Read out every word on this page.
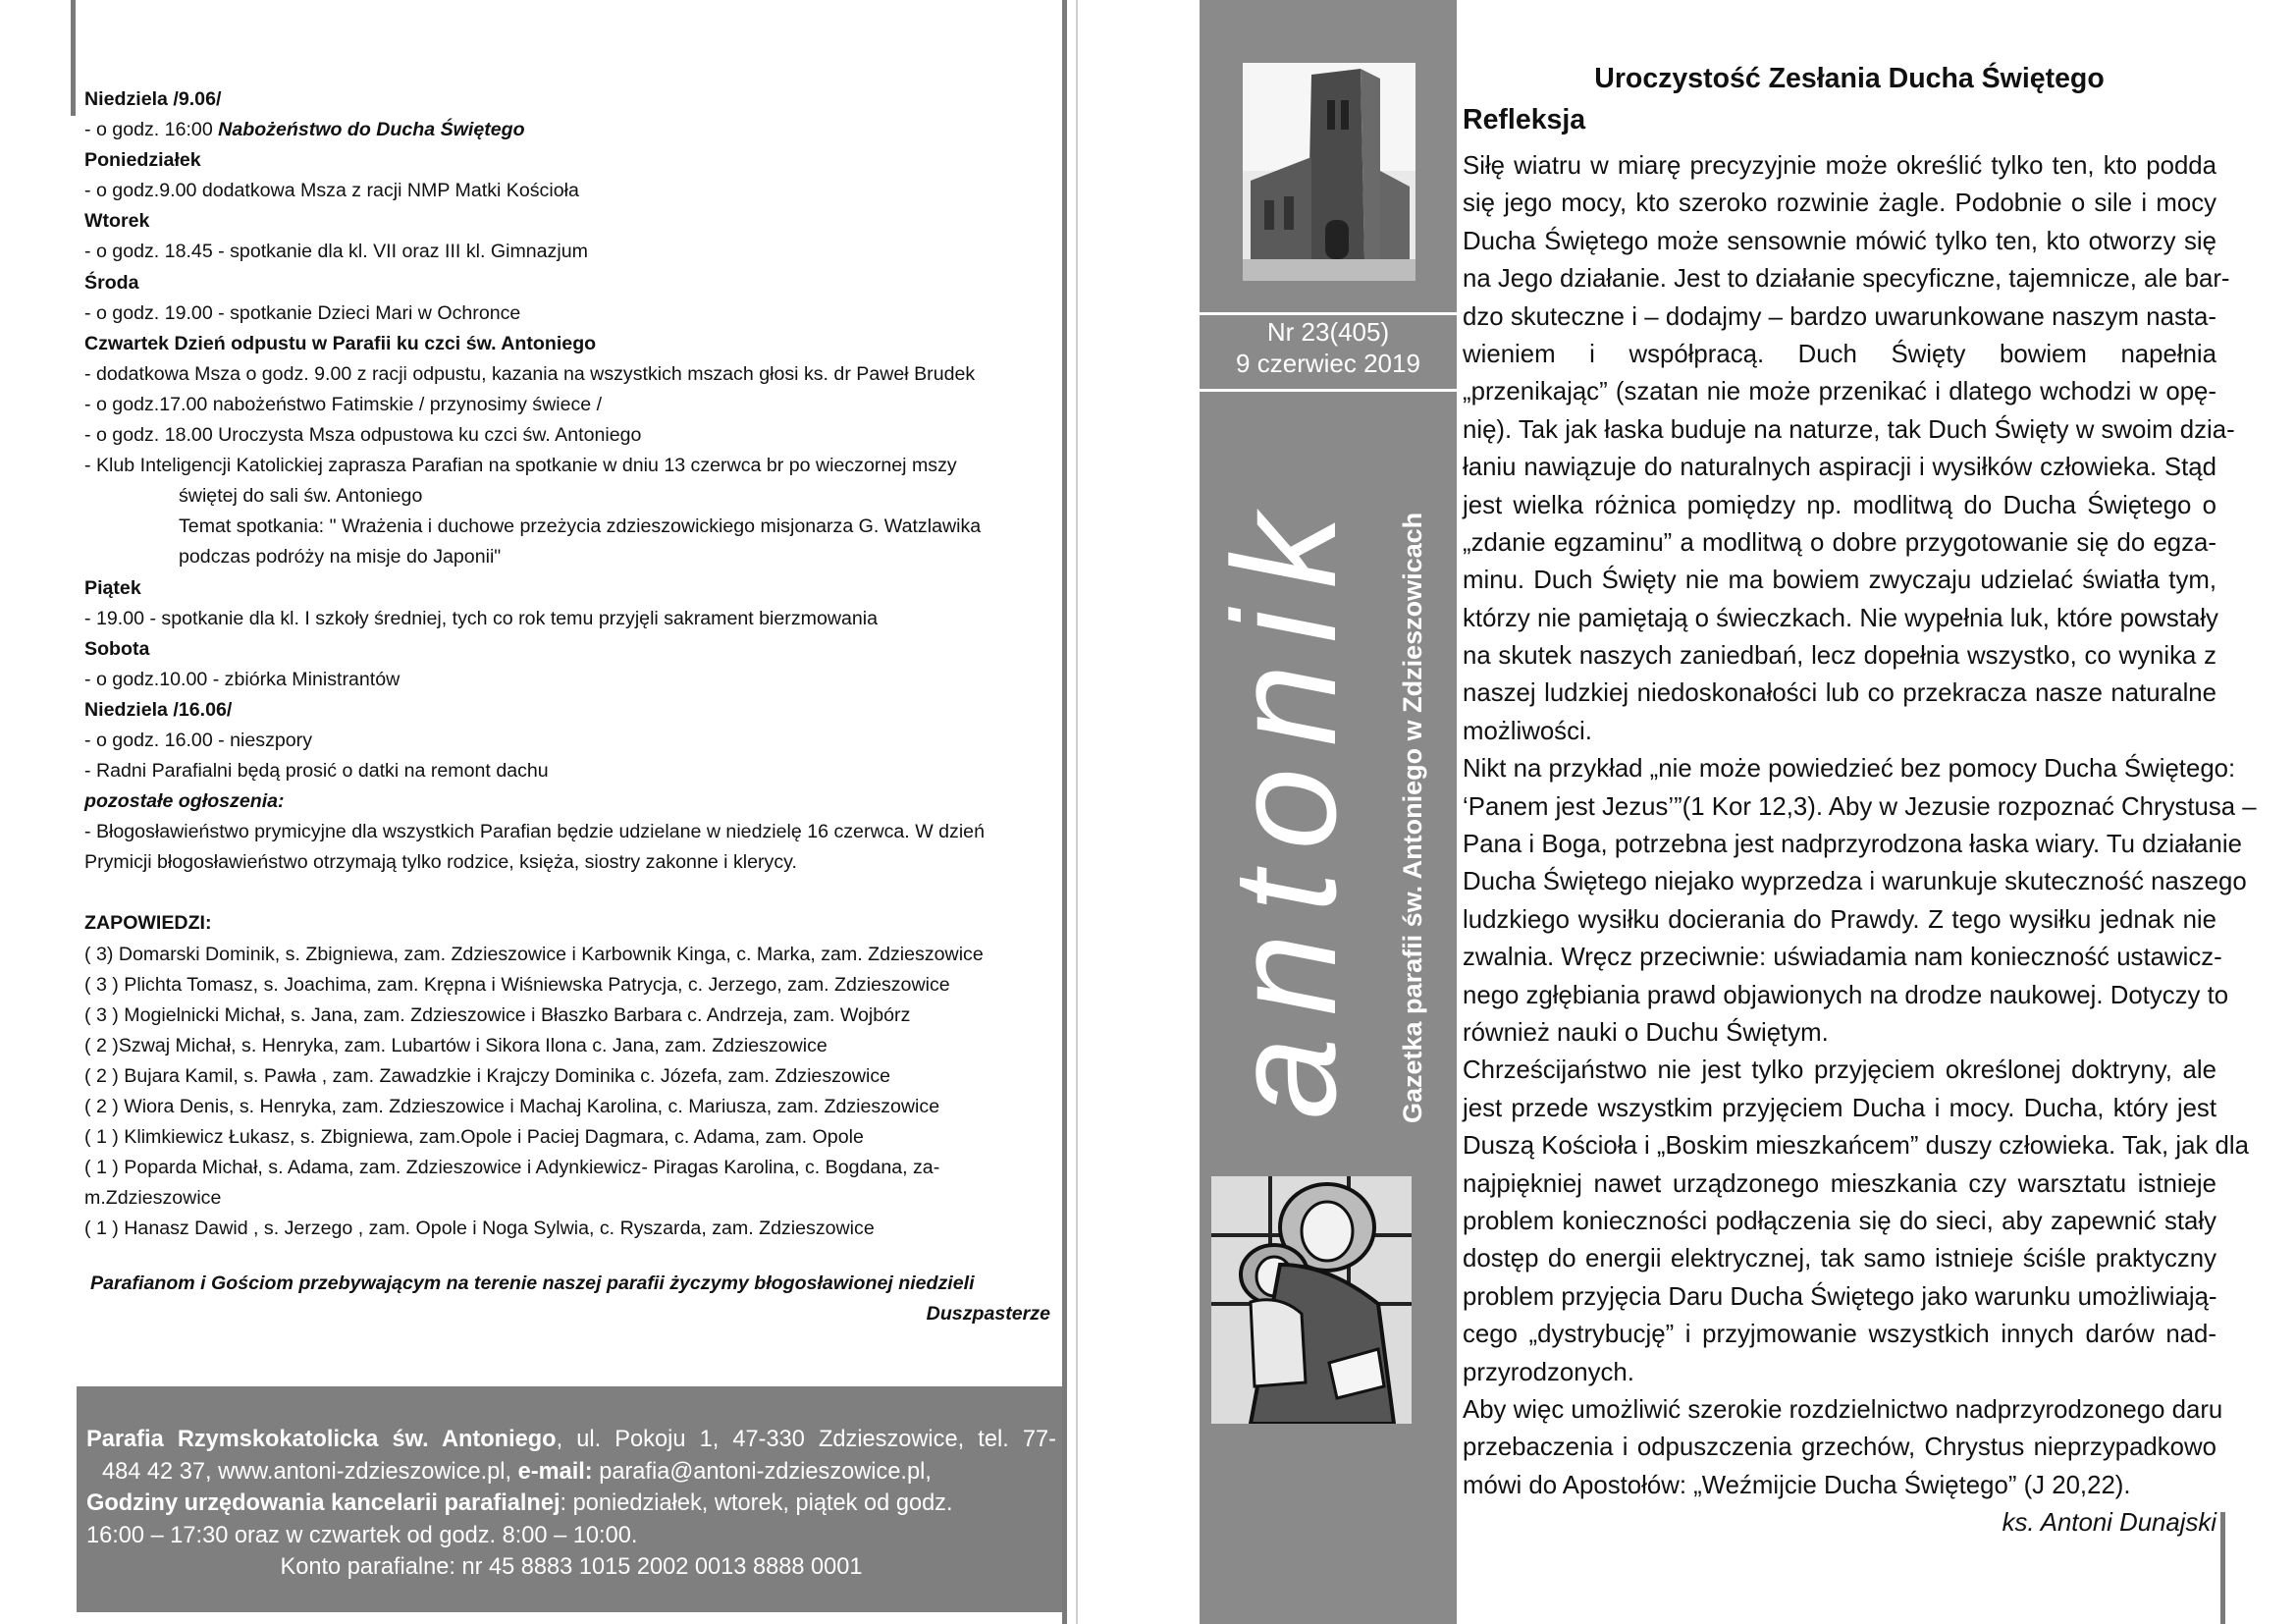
Niedziela /9.06/
- o godz. 16:00 Nabożeństwo do Ducha Świętego
Poniedziałek
- o godz.9.00 dodatkowa Msza z racji NMP Matki Kościoła
Wtorek
- o godz. 18.45 - spotkanie dla kl. VII oraz III kl. Gimnazjum
Środa
- o godz. 19.00 - spotkanie Dzieci Mari w Ochronce
Czwartek Dzień odpustu w Parafii ku czci św. Antoniego
- dodatkowa Msza o godz. 9.00 z racji odpustu, kazania na wszystkich mszach głosi ks. dr Paweł Brudek
- o godz.17.00 nabożeństwo Fatimskie / przynosimy świece /
- o godz. 18.00 Uroczysta Msza odpustowa ku czci św. Antoniego
- Klub Inteligencji Katolickiej zaprasza Parafian na spotkanie w dniu 13 czerwca br po wieczornej mszy
świętej do sali św. Antoniego
Temat spotkania: " Wrażenia i duchowe przeżycia zdzieszowickiego misjonarza G. Watzlawika
podczas podróży na misje do Japonii"
Piątek
- 19.00 - spotkanie dla kl. I szkoły średniej, tych co rok temu przyjęli sakrament bierzmowania
Sobota
- o godz.10.00 - zbiórka Ministrantów
Niedziela /16.06/
- o godz. 16.00 - nieszpory
- Radni Parafialni będą prosić o datki na remont dachu
pozostałe ogłoszenia:
- Błogosławieństwo prymicyjne dla wszystkich Parafian będzie udzielane w niedzielę 16 czerwca. W dzień
Prymicji błogosławieństwo otrzymają tylko rodzice, księża, siostry zakonne i klerycy.
ZAPOWIEDZI:
( 3) Domarski Dominik, s. Zbigniewa, zam. Zdzieszowice i Karbownik Kinga, c. Marka, zam. Zdzieszowice
( 3 ) Plichta Tomasz, s. Joachima, zam. Krępna i Wiśniewska Patrycja, c. Jerzego, zam. Zdzieszowice
( 3 ) Mogielnicki Michał, s. Jana, zam. Zdzieszowice i Błaszko Barbara c. Andrzeja, zam. Wojbórz
( 2 )Szwaj Michał, s. Henryka, zam. Lubartów i Sikora Ilona c. Jana, zam. Zdzieszowice
( 2 ) Bujara Kamil, s. Pawła , zam. Zawadzkie i Krajczy Dominika c. Józefa, zam. Zdzieszowice
( 2 ) Wiora Denis, s. Henryka, zam. Zdzieszowice i Machaj Karolina, c. Mariusza, zam. Zdzieszowice
( 1 ) Klimkiewicz Łukasz, s. Zbigniewa, zam.Opole i Paciej Dagmara, c. Adama, zam. Opole
( 1 ) Poparda Michał, s. Adama, zam. Zdzieszowice i Adynkiewicz- Piragas Karolina, c. Bogdana, za-
m.Zdzieszowice
( 1 ) Hanasz Dawid , s. Jerzego , zam. Opole i Noga Sylwia, c. Ryszarda, zam. Zdzieszowice
Parafianom i Gościom przebywającym na terenie naszej parafii życzymy błogosławionej niedzieli
Duszpasterze
Parafia Rzymskokatolicka św. Antoniego, ul. Pokoju 1, 47-330 Zdzieszowice, tel. 77-
484 42 37, www.antoni-zdzieszowice.pl, e-mail: parafia@antoni-zdzieszowice.pl,
Godziny urzędowania kancelarii parafialnej: poniedziałek, wtorek, piątek od godz.
16:00 – 17:30 oraz w czwartek od godz. 8:00 – 10:00.
Konto parafialne: nr 45 8883 1015 2002 0013 8888 0001
Nr 23(405)
9 czerwiec 2019
antonik Gazetka parafii św. Antoniego w Zdzieszowicach
Uroczystość Zesłania Ducha Świętego
Refleksja
Siłę wiatru w miarę precyzyjnie może określić tylko ten, kto podda
się jego mocy, kto szeroko rozwinie żagle. Podobnie o sile i mocy
Ducha Świętego może sensownie mówić tylko ten, kto otworzy się
na Jego działanie. Jest to działanie specyficzne, tajemnicze, ale bar-
dzo skuteczne i – dodajmy – bardzo uwarunkowane naszym nasta-
wieniem i współpracą. Duch Święty bowiem napełnia
„przenikając” (szatan nie może przenikać i dlatego wchodzi w opę-
nię). Tak jak łaska buduje na naturze, tak Duch Święty w swoim dzia-
łaniu nawiązuje do naturalnych aspiracji i wysiłków człowieka. Stąd
jest wielka różnica pomiędzy np. modlitwą do Ducha Świętego o
„zdanie egzaminu” a modlitwą o dobre przygotowanie się do egza-
minu. Duch Święty nie ma bowiem zwyczaju udzielać światła tym,
którzy nie pamiętają o świeczkach. Nie wypełnia luk, które powstały
na skutek naszych zaniedbań, lecz dopełnia wszystko, co wynika z
naszej ludzkiej niedoskonałości lub co przekracza nasze naturalne
możliwości.
Nikt na przykład „nie może powiedzieć bez pomocy Ducha Świętego:
‘Panem jest Jezus’”(1 Kor 12,3). Aby w Jezusie rozpoznać Chrystusa –
Pana i Boga, potrzebna jest nadprzyrodzona łaska wiary. Tu działanie
Ducha Świętego niejako wyprzedza i warunkuje skuteczność naszego
ludzkiego wysiłku docierania do Prawdy. Z tego wysiłku jednak nie
zwalnia. Wręcz przeciwnie: uświadamia nam konieczność ustawicz-
nego zgłębiania prawd objawionych na drodze naukowej. Dotyczy to
również nauki o Duchu Świętym.
Chrześcijaństwo nie jest tylko przyjęciem określonej doktryny, ale
jest przede wszystkim przyjęciem Ducha i mocy. Ducha, który jest
Duszą Kościoła i „Boskim mieszkańcem” duszy człowieka. Tak, jak dla
najpiękniej nawet urządzonego mieszkania czy warsztatu istnieje
problem konieczności podłączenia się do sieci, aby zapewnić stały
dostęp do energii elektrycznej, tak samo istnieje ściśle praktyczny
problem przyjęcia Daru Ducha Świętego jako warunku umożliwiają-
cego „dystrybucję” i przyjmowanie wszystkich innych darów nad-
przyrodzonych.
Aby więc umożliwić szerokie rozdzielnictwo nadprzyrodzonego daru
przebaczenia i odpuszczenia grzechów, Chrystus nieprzypadkowo
mówi do Apostołów: „Weźmijcie Ducha Świętego” (J 20,22).
ks. Antoni Dunajski
